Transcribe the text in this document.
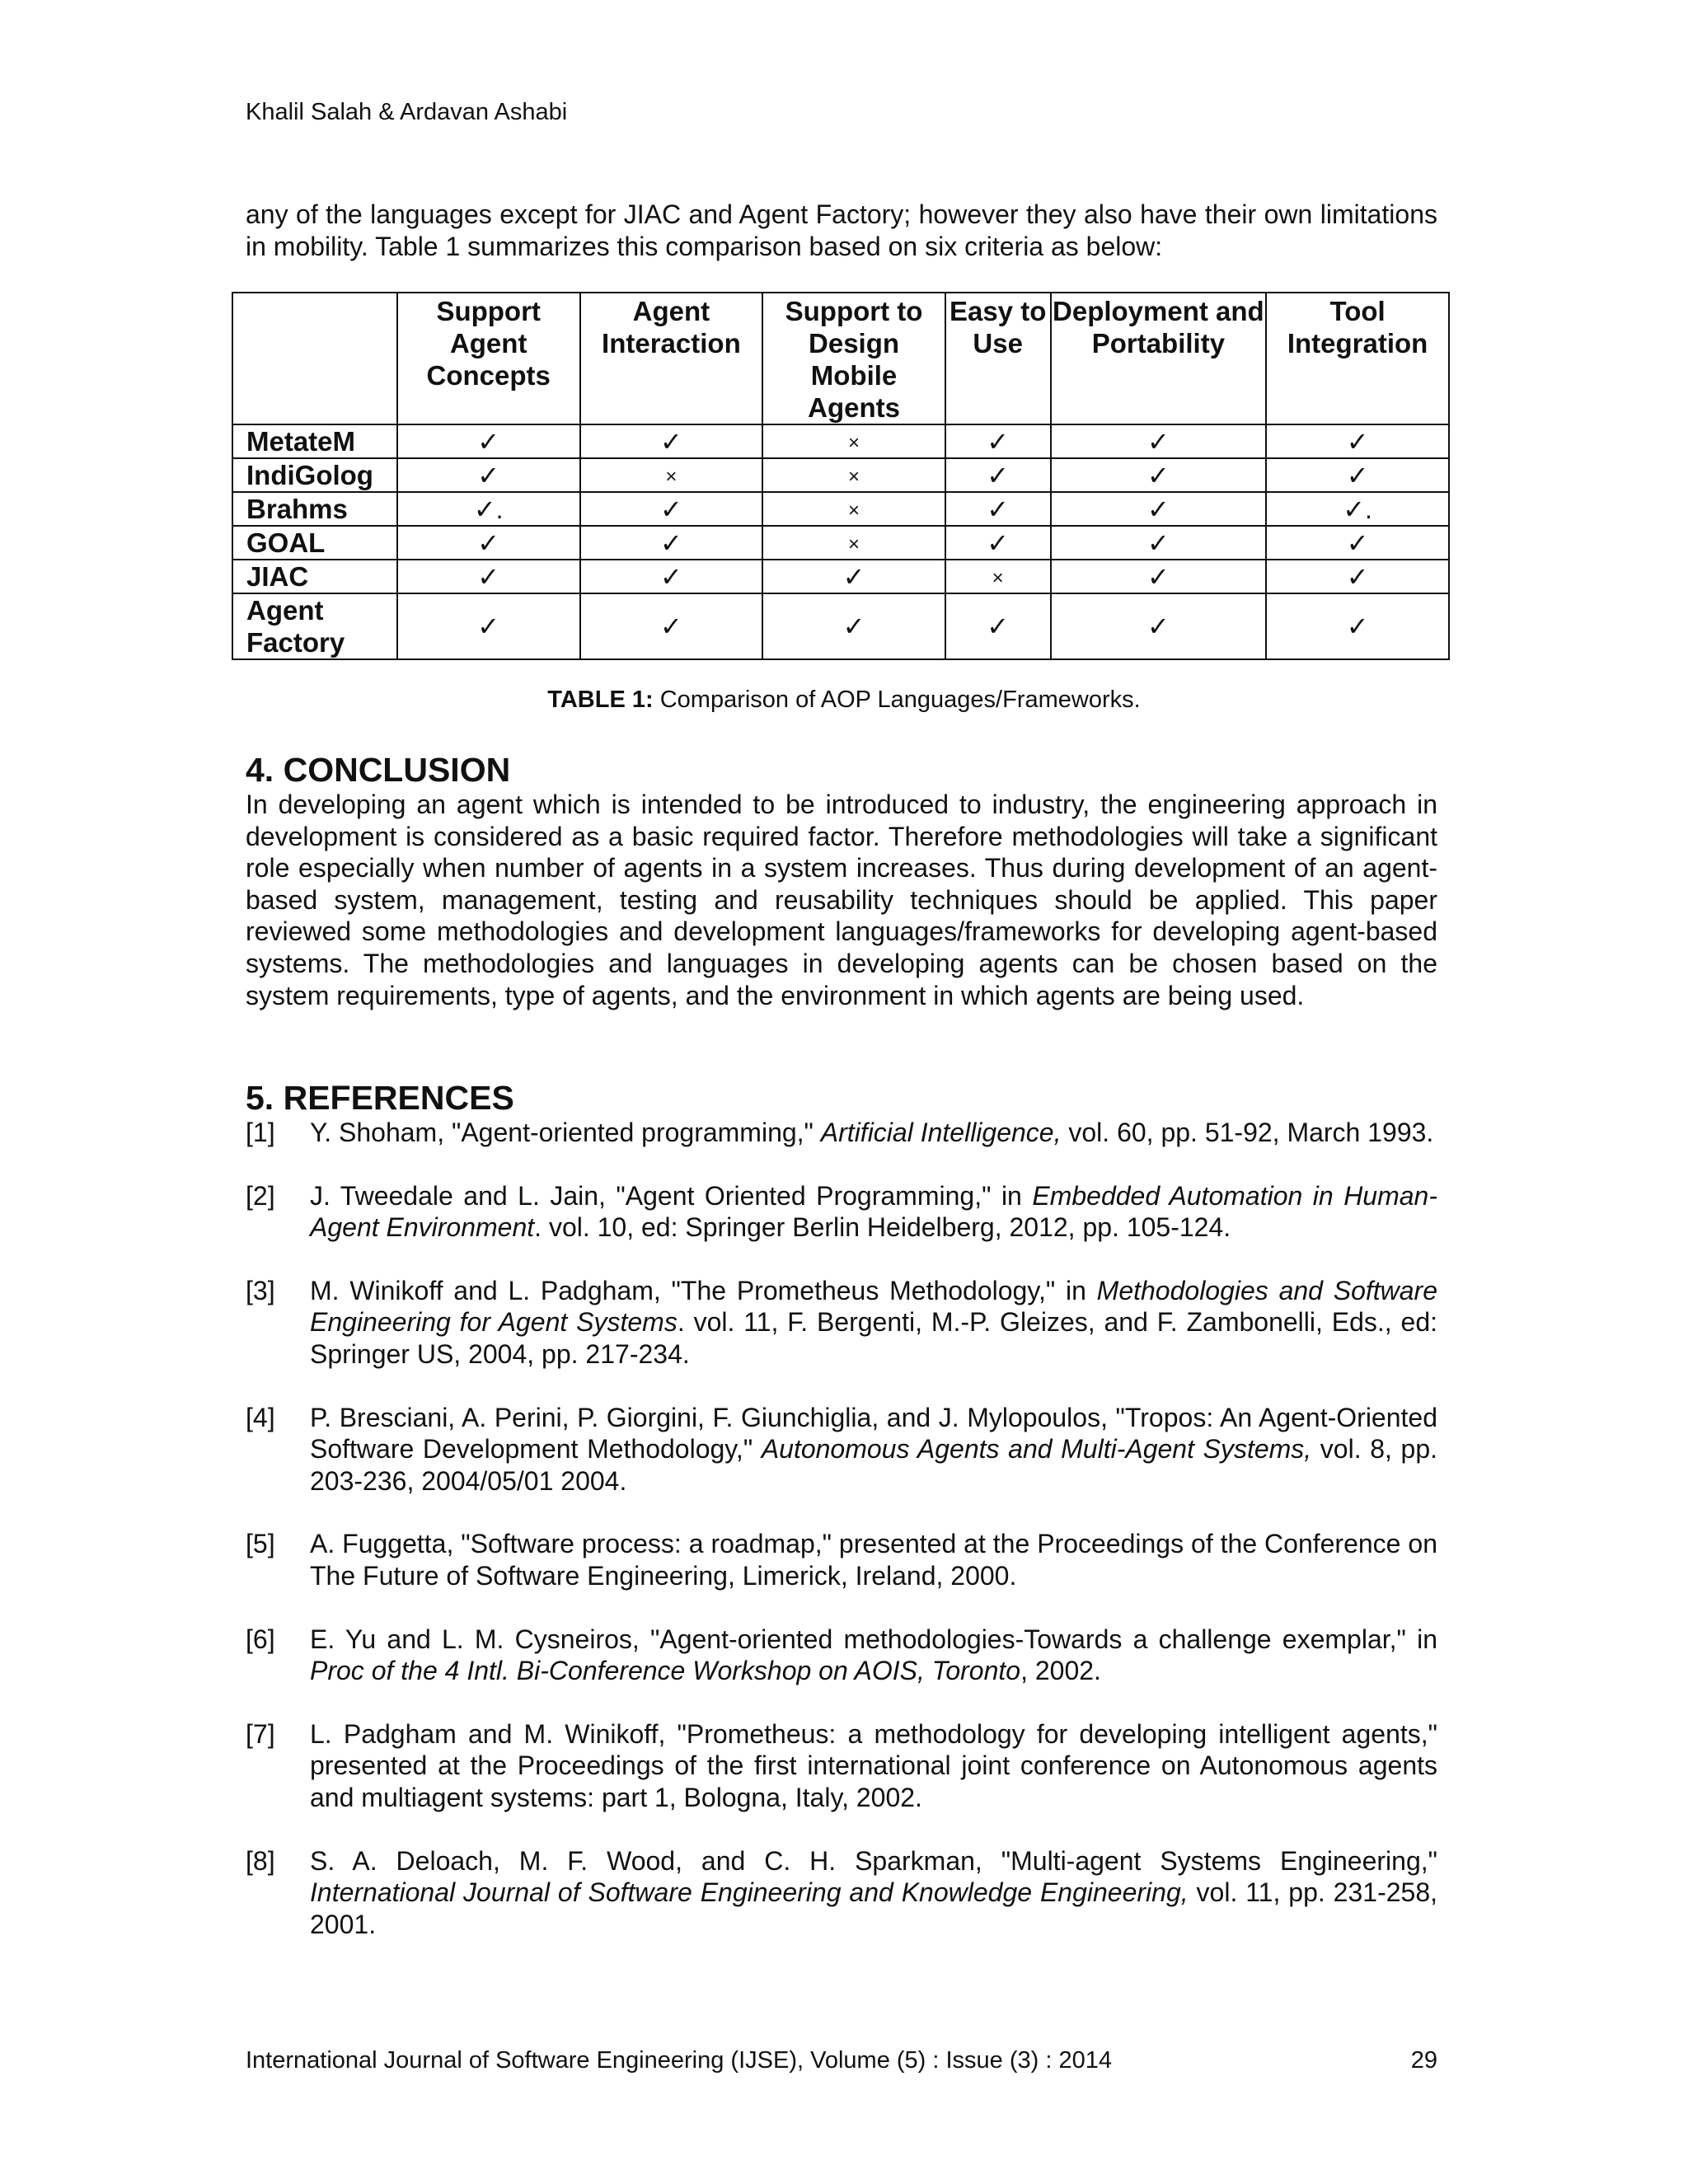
Khalil Salah & Ardavan Ashabi

any of the languages except for JIAC and Agent Factory; however they also have their own limitations in mobility. Table 1 summarizes this comparison based on six criteria as below:

	Support Agent Concepts	Agent Interaction	Support to Design Mobile Agents	Easy to Use	Deployment and Portability	Tool Integration
MetateM	✓	✓	×	✓	✓	✓
IndiGolog	✓	×	×	✓	✓	✓
Brahms	✓.	✓	×	✓	✓	✓.
GOAL	✓	✓	×	✓	✓	✓
JIAC	✓	✓	✓	×	✓	✓
Agent Factory	✓	✓	✓	✓	✓	✓
TABLE 1: Comparison of AOP Languages/Frameworks.
4. CONCLUSION

In developing an agent which is intended to be introduced to industry, the engineering approach in development is considered as a basic required factor. Therefore methodologies will take a significant role especially when number of agents in a system increases. Thus during development of an agent-based system, management, testing and reusability techniques should be applied. This paper reviewed some methodologies and development languages/frameworks for developing agent-based systems. The methodologies and languages in developing agents can be chosen based on the system requirements, type of agents, and the environment in which agents are being used.

5. REFERENCES
[1] Y. Shoham, "Agent-oriented programming," Artificial Intelligence, vol. 60, pp. 51-92, March 1993.
[2] J. Tweedale and L. Jain, "Agent Oriented Programming," in Embedded Automation in Human-Agent Environment. vol. 10, ed: Springer Berlin Heidelberg, 2012, pp. 105-124.
[3] M. Winikoff and L. Padgham, "The Prometheus Methodology," in Methodologies and Software Engineering for Agent Systems. vol. 11, F. Bergenti, M.-P. Gleizes, and F. Zambonelli, Eds., ed: Springer US, 2004, pp. 217-234.
[4] P. Bresciani, A. Perini, P. Giorgini, F. Giunchiglia, and J. Mylopoulos, "Tropos: An Agent-Oriented Software Development Methodology," Autonomous Agents and Multi-Agent Systems, vol. 8, pp. 203-236, 2004/05/01 2004.
[5] A. Fuggetta, "Software process: a roadmap," presented at the Proceedings of the Conference on The Future of Software Engineering, Limerick, Ireland, 2000.
[6] E. Yu and L. M. Cysneiros, "Agent-oriented methodologies-Towards a challenge exemplar," in Proc of the 4 Intl. Bi-Conference Workshop on AOIS, Toronto, 2002.
[7] L. Padgham and M. Winikoff, "Prometheus: a methodology for developing intelligent agents," presented at the Proceedings of the first international joint conference on Autonomous agents and multiagent systems: part 1, Bologna, Italy, 2002.
[8] S. A. Deloach, M. F. Wood, and C. H. Sparkman, "Multi-agent Systems Engineering," International Journal of Software Engineering and Knowledge Engineering, vol. 11, pp. 231-258, 2001.
International Journal of Software Engineering (IJSE), Volume (5) : Issue (3) : 2014	29
